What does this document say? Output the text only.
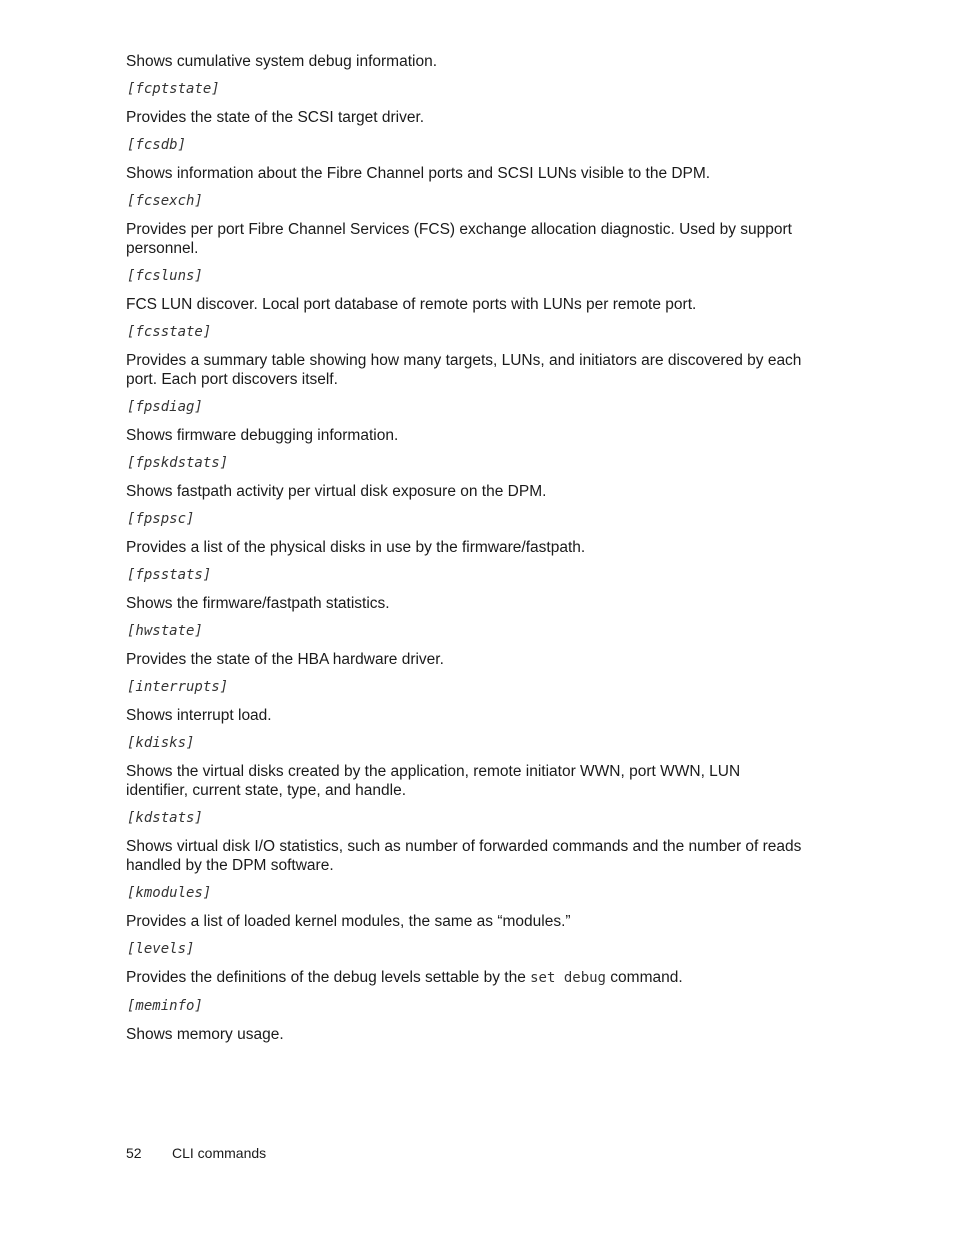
Shows cumulative system debug information.

[fcptstate]

Provides the state of the SCSI target driver.

[fcsdb]

Shows information about the Fibre Channel ports and SCSI LUNs visible to the DPM.

[fcsexch]

Provides per port Fibre Channel Services (FCS) exchange allocation diagnostic. Used by support personnel.

[fcsluns]

FCS LUN discover. Local port database of remote ports with LUNs per remote port.

[fcsstate]

Provides a summary table showing how many targets, LUNs, and initiators are discovered by each port. Each port discovers itself.

[fpsdiag]

Shows firmware debugging information.

[fpskdstats]

Shows fastpath activity per virtual disk exposure on the DPM.

[fpspsc]

Provides a list of the physical disks in use by the firmware/fastpath.

[fpsstats]

Shows the firmware/fastpath statistics.

[hwstate]

Provides the state of the HBA hardware driver.

[interrupts]

Shows interrupt load.

[kdisks]

Shows the virtual disks created by the application, remote initiator WWN, port WWN, LUN identifier, current state, type, and handle.

[kdstats]

Shows virtual disk I/O statistics, such as number of forwarded commands and the number of reads handled by the DPM software.

[kmodules]

Provides a list of loaded kernel modules, the same as “modules.”

[levels]

Provides the definitions of the debug levels settable by the set debug command.

[meminfo]

Shows memory usage.

52 CLI commands
